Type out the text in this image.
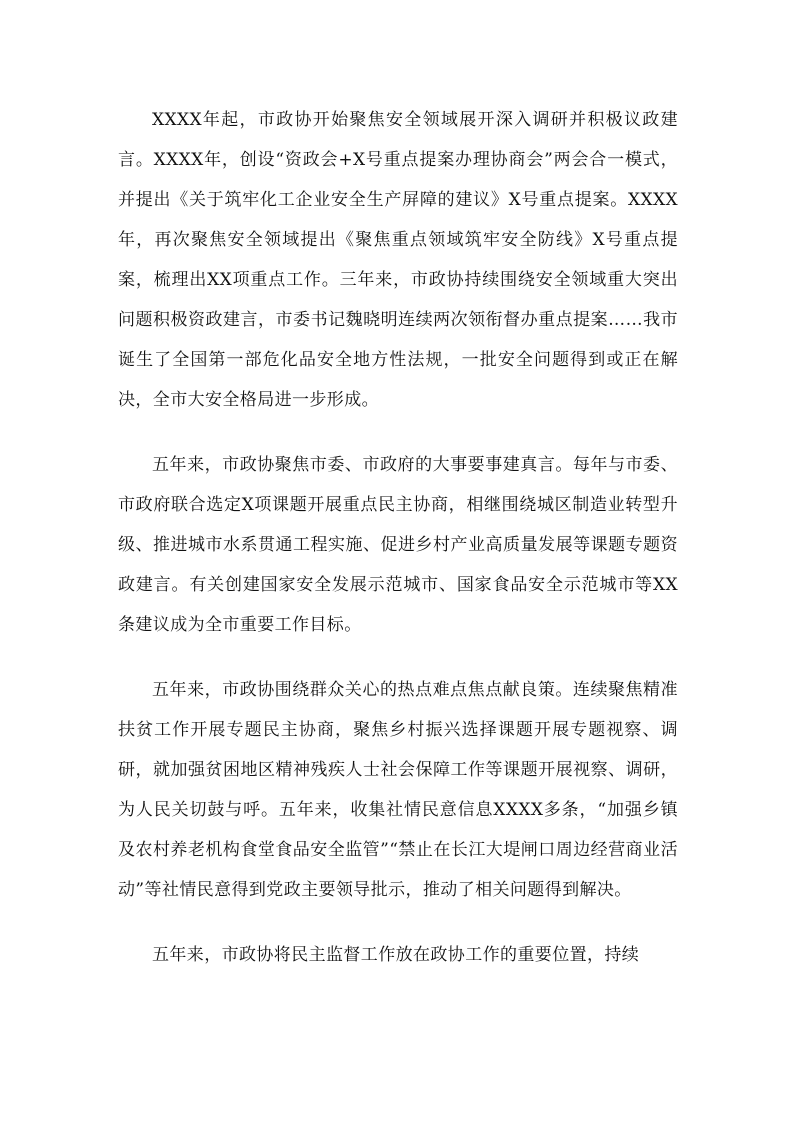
XXXX年起，市政协开始聚焦安全领域展开深入调研并积极议政建言。XXXX年，创设“资政会+X号重点提案办理协商会”两会合一模式，并提出《关于筑牢化工企业安全生产屏障的建议》X号重点提案。XXXX年，再次聚焦安全领域提出《聚焦重点领域筑牢安全防线》X号重点提案，梳理出XX项重点工作。三年来，市政协持续围绕安全领域重大突出问题积极资政建言，市委书记魏晓明连续两次领衔督办重点提案……我市诞生了全国第一部危化品安全地方性法规，一批安全问题得到或正在解决，全市大安全格局进一步形成。

五年来，市政协聚焦市委、市政府的大事要事建真言。每年与市委、市政府联合选定X项课题开展重点民主协商，相继围绕城区制造业转型升级、推进城市水系贯通工程实施、促进乡村产业高质量发展等课题专题资政建言。有关创建国家安全发展示范城市、国家食品安全示范城市等XX条建议成为全市重要工作目标。

五年来，市政协围绕群众关心的热点难点焦点献良策。连续聚焦精准扶贫工作开展专题民主协商，聚焦乡村振兴选择课题开展专题视察、调研，就加强贫困地区精神残疾人士社会保障工作等课题开展视察、调研，为人民关切鼓与呼。五年来，收集社情民意信息XXXX多条，“加强乡镇及农村养老机构食堂食品安全监管”“禁止在长江大堤闸口周边经营商业活动”等社情民意得到党政主要领导批示，推动了相关问题得到解决。

五年来，市政协将民主监督工作放在政协工作的重要位置，持续
